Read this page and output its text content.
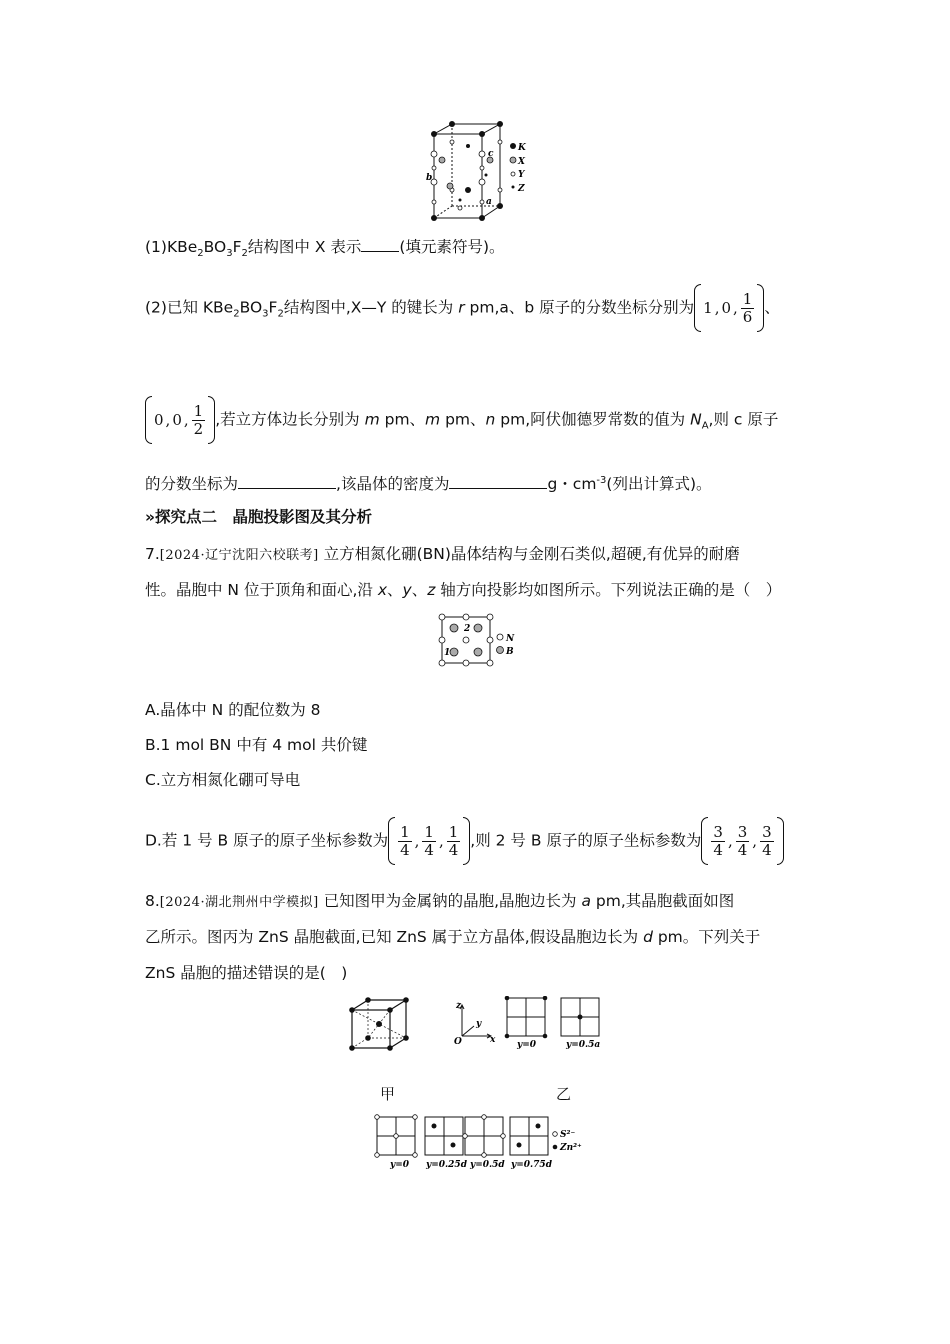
K
X
Y
Z
b
a
c
$(1)KBe_2BO_3F_2$结构图中 X 表示 (填元素符号)。
(2)已知 $KBe_2BO_3F_2$结构图中,X—Y 的键长为 r pm,a、b 原子的分数坐标分别为 1 , 0 , $\frac{1}{6}$ 、
0 , 0 , $\frac{1}{2}$ ,若立方体边长分别为 m pm、m pm、n pm,阿伏伽德罗常数的值为 $N_A$,则 c 原子
的分数坐标为	,该晶体的密度为	g・$cm^{-3}$(列出计算式)。
»探究点二　晶胞投影图及其分析
7.[2024·辽宁沈阳六校联考] 立方相氮化硼(BN)晶体结构与金刚石类似,超硬,有优异的耐磨
性。晶胞中 N 位于顶角和面心,沿 x、y、z 轴方向投影均如图所示。下列说法正确的是（　）
1
2
N
B
A.晶体中 N 的配位数为 8
B.1 mol BN 中有 4 mol 共价键
C.立方相氮化硼可导电
D.若 1 号 B 原子的原子坐标参数为 $\frac{1}{4}$ , $\frac{1}{4}$ , $\frac{1}{4}$ ,则 2 号 B 原子的原子坐标参数为 $\frac{3}{4}$ , $\frac{3}{4}$ , $\frac{3}{4}$
8.[2024·湖北荆州中学模拟] 已知图甲为金属钠的晶胞,晶胞边长为 a pm,其晶胞截面如图
乙所示。图丙为 ZnS 晶胞截面,已知 ZnS 属于立方晶体,假设晶胞边长为 d pm。下列关于
ZnS 晶胞的描述错误的是(　)
z
y
x
O	y=0	y=0.5a
甲	乙
S²⁻
Zn²⁺
y=0 y=0.25d y=0.5d y=0.75d
